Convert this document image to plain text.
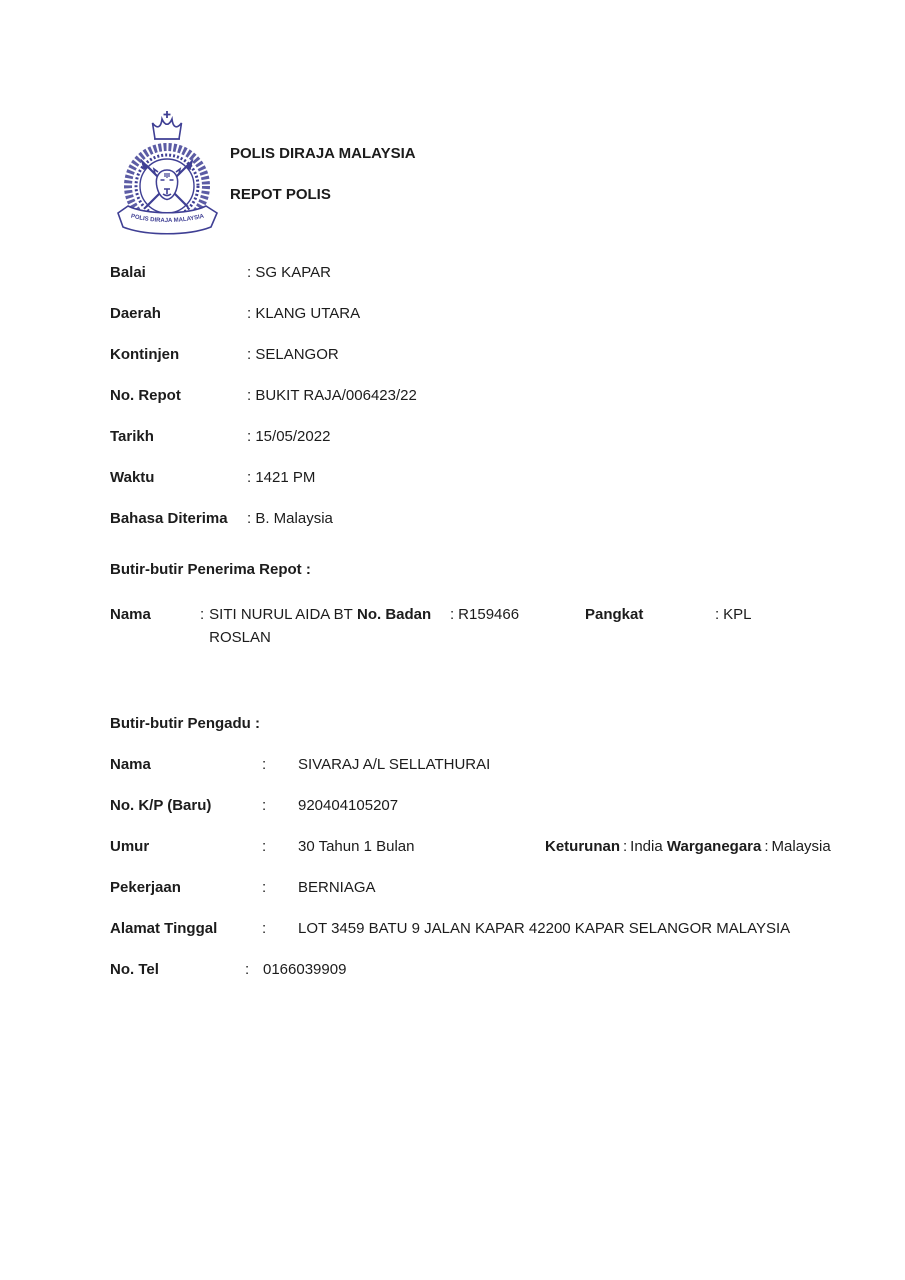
POLIS DIRAJA MALAYSIA
POLIS DIRAJA MALAYSIA
REPOT POLIS
Balai	: SG KAPAR
Daerah	: KLANG UTARA
Kontinjen	: SELANGOR
No. Repot	: BUKIT RAJA/006423/22
Tarikh	: 15/05/2022
Waktu	: 1421 PM
Bahasa Diterima	: B. Malaysia
Butir-butir Penerima Repot :
Nama	: SITI NURUL AIDA BT ROSLAN
No. Badan	: R159466	Pangkat	: KPL
Butir-butir Pengadu :
Nama	:	SIVARAJ A/L SELLATHURAI
No. K/P (Baru)	:	920404105207
Umur	:	30 Tahun 1 Bulan	Keturunan : India Warganegara : Malaysia
Pekerjaan	:	BERNIAGA
Alamat Tinggal	:	LOT 3459 BATU 9 JALAN KAPAR 42200 KAPAR SELANGOR MALAYSIA
No. Tel	: 0166039909
